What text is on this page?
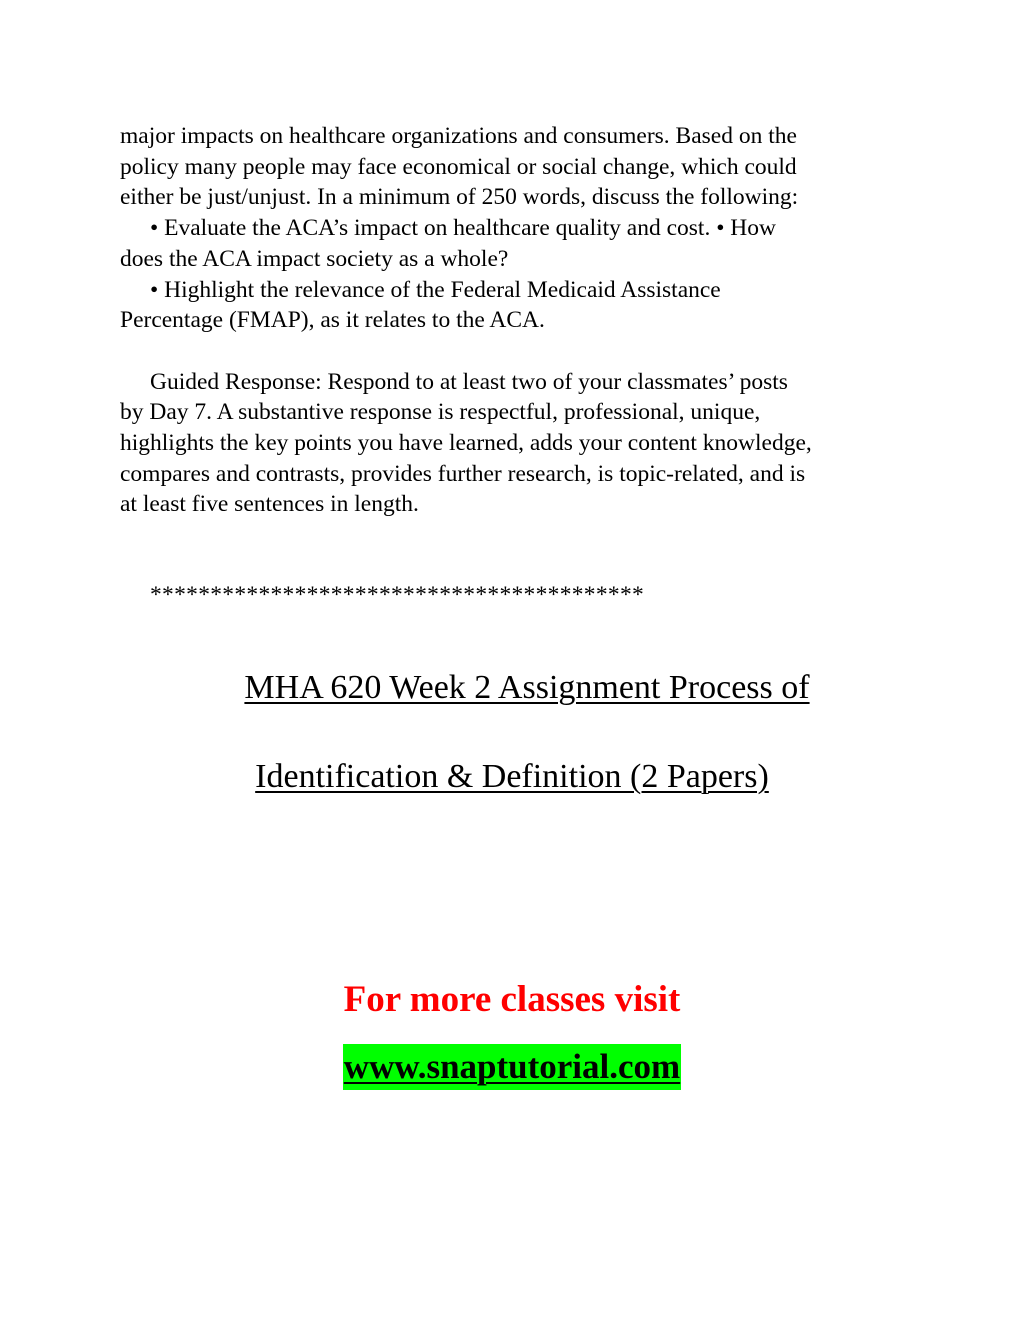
major impacts on healthcare organizations and consumers. Based on the

policy many people may face economical or social change, which could

either be just/unjust. In a minimum of 250 words, discuss the following:

• Evaluate the ACA’s impact on healthcare quality and cost. • How

does the ACA impact society as a whole?

• Highlight the relevance of the Federal Medicaid Assistance

Percentage (FMAP), as it relates to the ACA.

Guided Response: Respond to at least two of your classmates’ posts

by Day 7. A substantive response is respectful, professional, unique,

highlights the key points you have learned, adds your content knowledge,

compares and contrasts, provides further research, is topic-related, and is

at least five sentences in length.

*****************************************
MHA 620 Week 2 Assignment Process of
Identification & Definition (2 Papers)
For more classes visit
www.snaptutorial.com
